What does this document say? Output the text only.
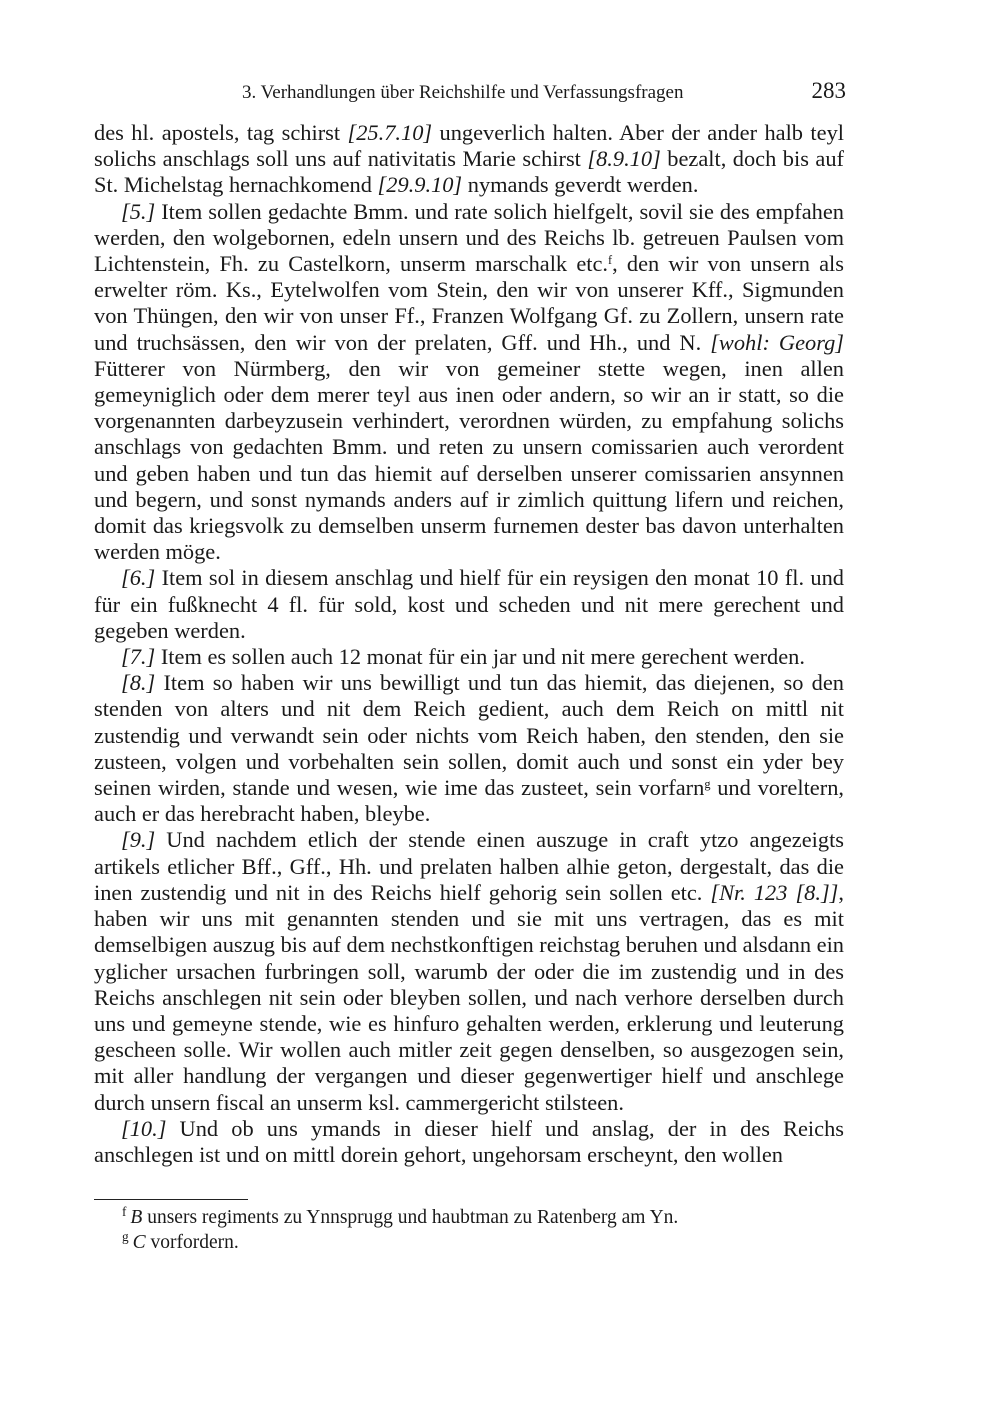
3. Verhandlungen über Reichshilfe und Verfassungsfragen	283

des hl. apostels, tag schirst [25.7.10] ungeverlich halten. Aber der ander halb teyl solichs anschlags soll uns auf nativitatis Marie schirst [8.9.10] bezalt, doch bis auf St. Michelstag hernachkomend [29.9.10] nymands geverdt werden.

[5.] Item sollen gedachte Bmm. und rate solich hielfgelt, sovil sie des empfahen werden, den wolgebornen, edeln unsern und des Reichs lb. getreuen Paulsen vom Lichtenstein, Fh. zu Castelkorn, unserm marschalk etc.$^f$, den wir von unsern als erwelter röm. Ks., Eytelwolfen vom Stein, den wir von unserer Kff., Sigmunden von Thüngen, den wir von unser Ff., Franzen Wolfgang Gf. zu Zollern, unsern rate und truchsässen, den wir von der prelaten, Gff. und Hh., und N. [wohl: Georg] Fütterer von Nürmberg, den wir von gemeiner stette wegen, inen allen gemeyniglich oder dem merer teyl aus inen oder andern, so wir an ir statt, so die vorgenannten darbeyzusein verhindert, verordnen würden, zu empfahung solichs anschlags von gedachten Bmm. und reten zu unsern comissarien auch verordent und geben haben und tun das hiemit auf derselben unserer comissarien ansynnen und begern, und sonst nymands anders auf ir zimlich quittung lifern und reichen, domit das kriegsvolk zu demselben unserm furnemen dester bas davon unterhalten werden möge.

[6.] Item sol in diesem anschlag und hielf für ein reysigen den monat 10 fl. und für ein fußknecht 4 fl. für sold, kost und scheden und nit mere gerechent und gegeben werden.

[7.] Item es sollen auch 12 monat für ein jar und nit mere gerechent werden.

[8.] Item so haben wir uns bewilligt und tun das hiemit, das diejenen, so den stenden von alters und nit dem Reich gedient, auch dem Reich on mittl nit zustendig und verwandt sein oder nichts vom Reich haben, den stenden, den sie zusteen, volgen und vorbehalten sein sollen, domit auch und sonst ein yder bey seinen wirden, stande und wesen, wie ime das zusteet, sein vorfarn$^g$ und voreltern, auch er das herebracht haben, bleybe.

[9.] Und nachdem etlich der stende einen auszuge in craft ytzo angezeigts artikels etlicher Bff., Gff., Hh. und prelaten halben alhie geton, dergestalt, das die inen zustendig und nit in des Reichs hielf gehorig sein sollen etc. [Nr. 123 [8.]], haben wir uns mit genannten stenden und sie mit uns vertragen, das es mit demselbigen auszug bis auf dem nechstkonftigen reichstag beruhen und alsdann ein yglicher ursachen furbringen soll, warumb der oder die im zustendig und in des Reichs anschlegen nit sein oder bleyben sollen, und nach verhore derselben durch uns und gemeyne stende, wie es hinfuro gehalten werden, erklerung und leuterung gescheen solle. Wir wollen auch mitler zeit gegen denselben, so ausgezogen sein, mit aller handlung der vergangen und dieser gegenwertiger hielf und anschlege durch unsern fiscal an unserm ksl. cammergericht stilsteen.

[10.] Und ob uns ymands in dieser hielf und anslag, der in des Reichs anschlegen ist und on mittl dorein gehort, ungehorsam erscheynt, den wollen

$^f$ B unsers regiments zu Ynnsprugg und haubtman zu Ratenberg am Yn.
$^g$ C vorfordern.
